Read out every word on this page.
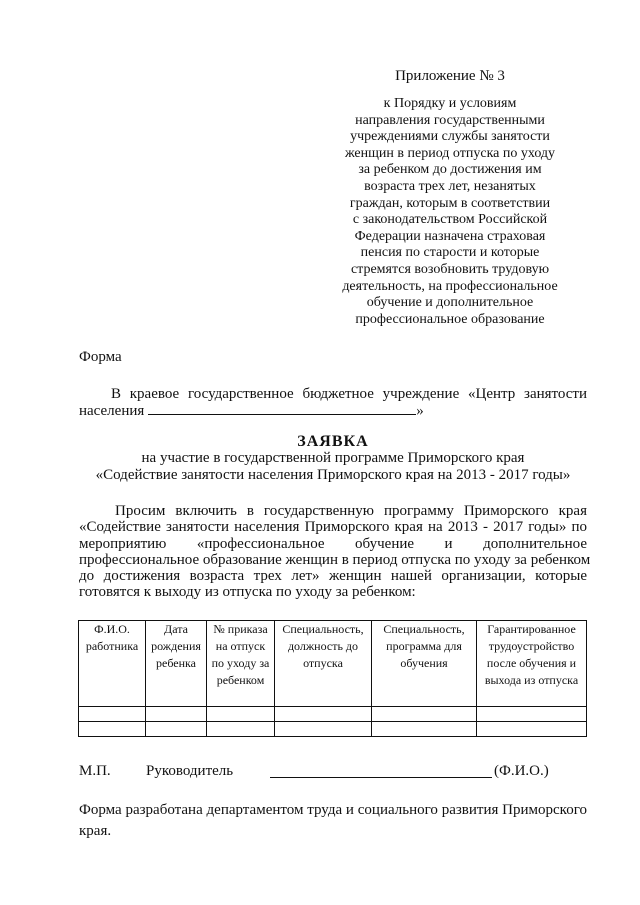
Приложение № 3
к Порядку и условиям
направления государственными
учреждениями службы занятости
женщин в период отпуска по уходу
за ребенком до достижения им
возраста трех лет, незанятых
граждан, которым в соответствии
с законодательством Российской
Федерации назначена страховая
пенсия по старости и которые
стремятся возобновить трудовую
деятельность, на профессиональное
обучение и дополнительное
профессиональное образование
Форма
В краевое государственное бюджетное учреждение «Центр занятости
населения	»
ЗАЯВКА
на участие в государственной программе Приморского края
«Содействие занятости населения Приморского края на 2013 - 2017 годы»
Просим включить в государственную программу Приморского края
«Содействие занятости населения Приморского края на 2013 - 2017 годы» по
мероприятию «профессиональное обучение и дополнительное
профессиональное образование женщин в период отпуска по уходу за ребенком
до достижения возраста трех лет» женщин нашей организации, которые
готовятся к выходу из отпуска по уходу за ребенком:
Ф.И.О. работника	Дата рождения ребенка	№ приказа на отпуск по уходу за ребенком	Специальность, должность до отпуска	Специальность, программа для обучения	Гарантированное трудоустройство после обучения и выхода из отпуска

М.П. Руководитель	(Ф.И.О.)
Форма разработана департаментом труда и социального развития Приморского
края.
